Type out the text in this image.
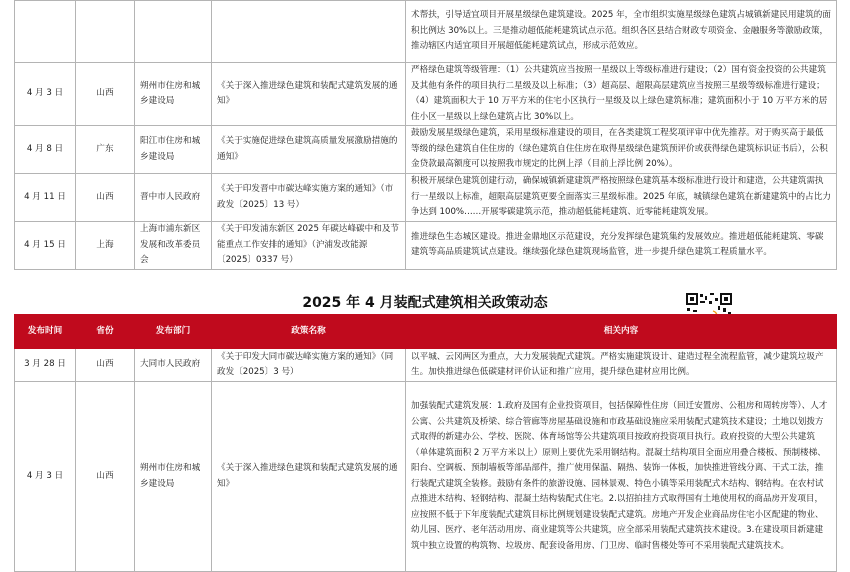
				术帮扶，引导适宜项目开展星级绿色建筑建设。2025 年，全市组织实施星级绿色建筑占城镇新建民用建筑的面积比例达 30%以上。三是推动超低能耗建筑试点示范。组织各区县结合财政专项资金、金融服务等激励政策，推动辖区内适宜项目开展超低能耗建筑试点，形成示范效应。
4 月 3 日	山西	朔州市住房和城乡建设局	《关于深入推进绿色建筑和装配式建筑发展的通知》	严格绿色建筑等级管理：（1）公共建筑应当按照一星级以上等级标准进行建设；（2）国有资金投资的公共建筑及其他有条件的项目执行二星级及以上标准；（3）超高层、超限高层建筑应当按照三星级等级标准进行建设；（4）建筑面积大于 10 万平方米的住宅小区执行一星级及以上绿色建筑标准；建筑面积小于 10 万平方米的居住小区一星级以上绿色建筑占比 30%以上。
4 月 8 日	广东	阳江市住房和城乡建设局	《关于实施促进绿色建筑高质量发展激励措施的通知》	鼓励发展星级绿色建筑，采用星级标准建设的项目，在各类建筑工程奖项评审中优先推荐。对于购买高于最低等级的绿色建筑自住住房的（绿色建筑自住住房在取得星级绿色建筑预评价或获得绿色建筑标识证书后），公积金贷款最高额度可以按照我市规定的比例上浮（目前上浮比例 20%）。
4 月 11 日	山西	晋中市人民政府	《关于印发晋中市碳达峰实施方案的通知》（市政发〔2025〕13 号）	积极开展绿色建筑创建行动，确保城镇新建建筑严格按照绿色建筑基本级标准进行设计和建造，公共建筑需执行一星级以上标准，超限高层建筑更要全面落实三星级标准。2025 年底，城镇绿色建筑在新建建筑中的占比力争达到 100%……开展零碳建筑示范，推动超低能耗建筑、近零能耗建筑发展。
4 月 15 日	上海	上海市浦东新区发展和改革委员会	《关于印发浦东新区 2025 年碳达峰碳中和及节能重点工作安排的通知》（沪浦发改能源〔2025〕0337 号）	推进绿色生态城区建设。推进金鼎地区示范建设，充分发挥绿色建筑集约发展效应。推进超低能耗建筑、零碳建筑等高品质建筑试点建设。继续强化绿色建筑现场监管，进一步提升绿色建筑工程质量水平。
2025 年 4 月装配式建筑相关政策动态
发布时间	省份	发布部门	政策名称	相关内容
3 月 28 日	山西	大同市人民政府	《关于印发大同市碳达峰实施方案的通知》（同政发〔2025〕3 号）	以平城、云冈两区为重点，大力发展装配式建筑。严格实施建筑设计、建造过程全流程监管，减少建筑垃圾产生。加快推进绿色低碳建材评价认证和推广应用，提升绿色建材应用比例。
4 月 3 日	山西	朔州市住房和城乡建设局	《关于深入推进绿色建筑和装配式建筑发展的通知》	加强装配式建筑发展：1.政府及国有企业投资项目，包括保障性住房（回迁安置房、公租房和周转房等）、人才公寓、公共建筑及桥梁、综合管廊等房屋基础设施和市政基础设施应采用装配式建筑技术建设；土地以划拨方式取得的新建办公、学校、医院、体育场馆等公共建筑项目按政府投资项目执行。政府投资的大型公共建筑（单体建筑面积 2 万平方米以上）原则上要优先采用钢结构。混凝土结构项目全面应用叠合楼板、预制楼梯、阳台、空调板、预制墙板等部品部件，推广使用保温、隔热、装饰一体板，加快推进管线分离、干式工法，推行装配式建筑全装修。鼓励有条件的旅游设施、园林景观、特色小镇等采用装配式木结构、钢结构。在农村试点推进木结构、轻钢结构、混凝土结构装配式住宅。2.以招拍挂方式取得国有土地使用权的商品房开发项目，应按照不低于下年度装配式建筑目标比例规划建设装配式建筑。房地产开发企业商品房住宅小区配建的物业、幼儿园、医疗、老年活动用房、商业建筑等公共建筑，应全部采用装配式建筑技术建设。3.在建设项目新建建筑中独立设置的构筑物、垃圾房、配套设备用房、门卫房、临时售楼处等可不采用装配式建筑技术。
